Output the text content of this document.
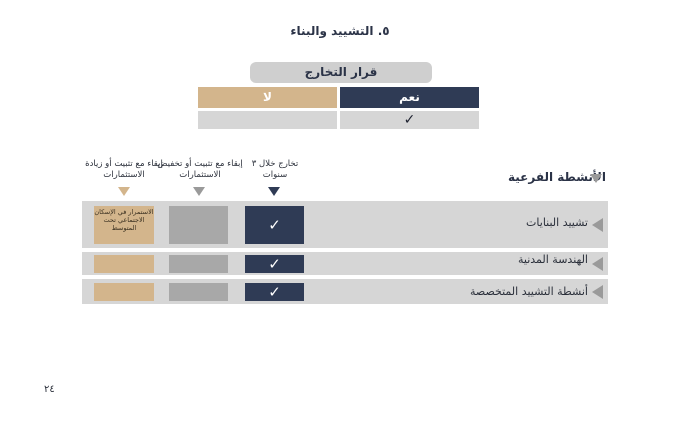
٥. التشييد والبناء
قرار التخارج
لا	نعم
✓
الأنشطة الفرعية
تخارج خلال ٣ سنوات
إبقاء مع تثبيت أو تخفيض الاستثمارات
إبقاء مع تثبيت أو زيادة الاستثمارات
تشييد البنايات
✓
الاستمرار في الإسكان الاجتماعي تحت المتوسط
الهندسة المدنية
✓
أنشطة التشييد المتخصصة
✓
٢٤
